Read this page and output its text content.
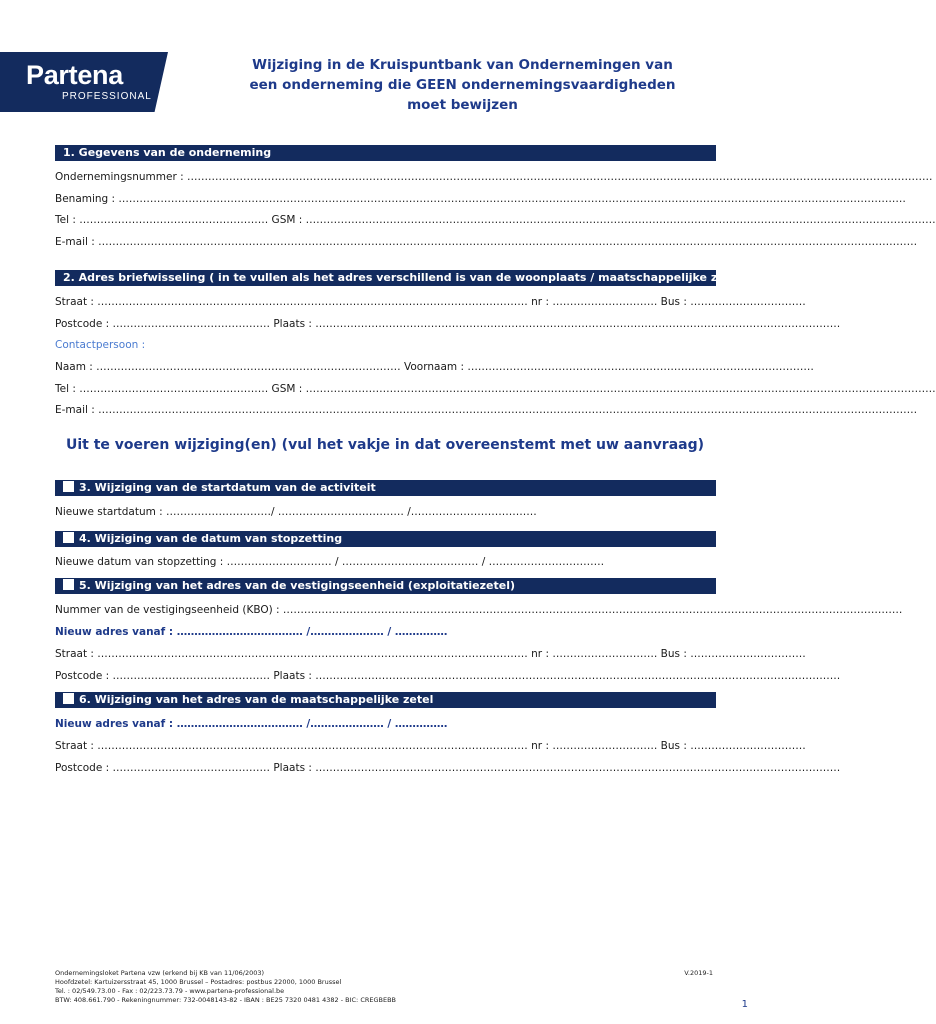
Partena
PROFESSIONAL
Wijziging in de Kruispuntbank van Ondernemingen van
een onderneming die GEEN ondernemingsvaardigheden
moet bewijzen
1. Gegevens van de onderneming
Ondernemingsnummer : ……………………………………………………………………………………………………………………………………………………………………………………………
Benaming : ………………………………………………………………………………………………………………………………………………………………………………………………………
Tel : ……………………………………………… GSM : ………………………………………………………………………………………………………………………………………………………………
E-mail : ………………………………………………………………………………………………………………………………………………………………………………………………………………
2. Adres briefwisseling ( in te vullen als het adres verschillend is van de woonplaats / maatschappelijke zetel)
Straat : …………………………………………………………………………………………………………… nr : ………………………… Bus : ……………………………
Postcode : ……………………………………… Plaats : ……………………………………………………………………………………………………………………………………
Contactpersoon :
Naam : …………………………………………………………………………… Voornaam : ………………………………………………………………………………………
Tel : ……………………………………………… GSM : ………………………………………………………………………………………………………………………………………………………………
E-mail : ………………………………………………………………………………………………………………………………………………………………………………………………………………
Uit te voeren wijziging(en) (vul het vakje in dat overeenstemt met uw aanvraag)
3. Wijziging van de startdatum van de activiteit
Nieuwe startdatum : …………………………/ ……………………………… /………………………………
4. Wijziging van de datum van stopzetting
Nieuwe datum van stopzetting : ………………………… / ………………………………… / ……………………………
5. Wijziging van het adres van de vestigingseenheid (exploitatiezetel)
Nummer van de vestigingseenheid (KBO) : ……………………………………………………………………………………………………………………………………………………………
Nieuw adres vanaf : ……………………………… /………………… / ……………
Straat : …………………………………………………………………………………………………………… nr : ………………………… Bus : ……………………………
Postcode : ……………………………………… Plaats : ……………………………………………………………………………………………………………………………………
6. Wijziging van het adres van de maatschappelijke zetel
Nieuw adres vanaf : ……………………………… /………………… / ……………
Straat : …………………………………………………………………………………………………………… nr : ………………………… Bus : ……………………………
Postcode : ……………………………………… Plaats : ……………………………………………………………………………………………………………………………………
Ondernemingsloket Partena vzw (erkend bij KB van 11/06/2003)
Hoofdzetel: Kartuizersstraat 45, 1000 Brussel – Postadres: postbus 22000, 1000 Brussel
Tel. : 02/549.73.00 - Fax : 02/223.73.79 - www.partena-professional.be
BTW: 408.661.790 - Rekeningnummer: 732-0048143-82 - IBAN : BE25 7320 0481 4382 - BIC: CREGBEBB
V.2019-1
1
